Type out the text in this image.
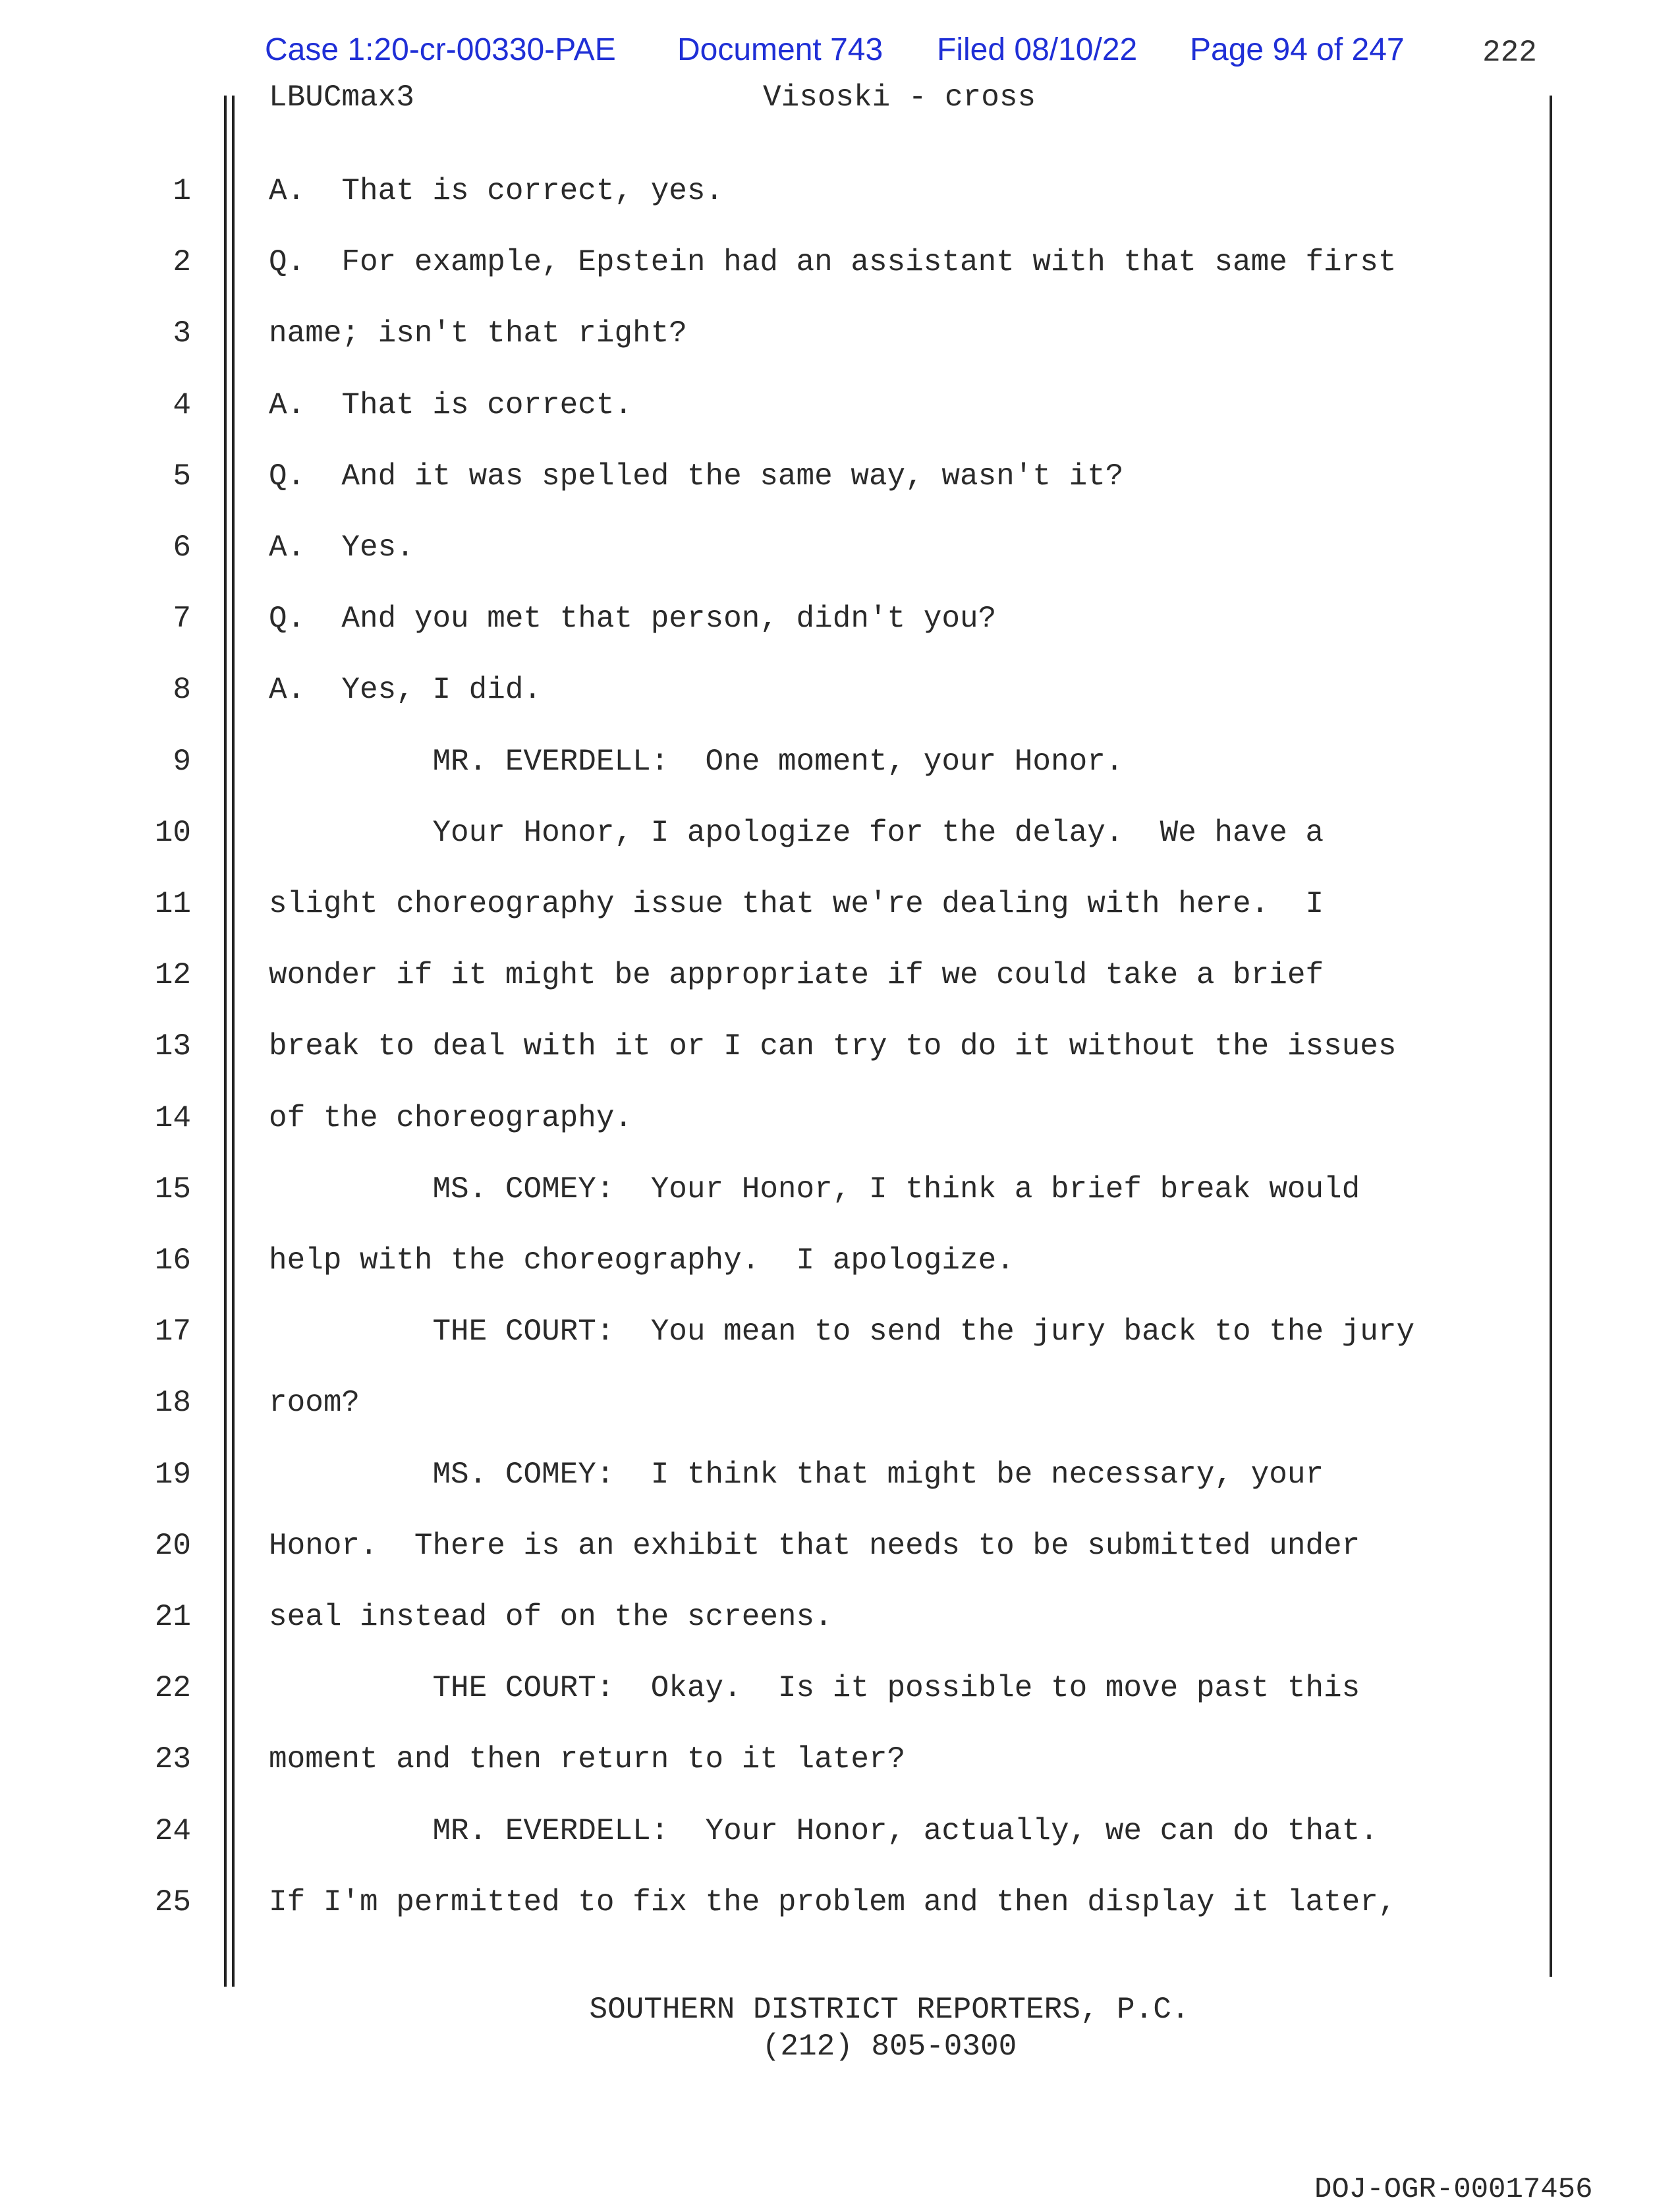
Case 1:20-cr-00330-PAE Document 743 Filed 08/10/22 Page 94 of 247	222
LBUCmax3	Visoski - cross
1	A.  That is correct, yes.
2	Q.  For example, Epstein had an assistant with that same first
3	name; isn't that right?
4	A.  That is correct.
5	Q.  And it was spelled the same way, wasn't it?
6	A.  Yes.
7	Q.  And you met that person, didn't you?
8	A.  Yes, I did.
9	MR. EVERDELL:  One moment, your Honor.
10	Your Honor, I apologize for the delay.  We have a
11	slight choreography issue that we're dealing with here.  I
12	wonder if it might be appropriate if we could take a brief
13	break to deal with it or I can try to do it without the issues
14	of the choreography.
15	MS. COMEY:  Your Honor, I think a brief break would
16	help with the choreography.  I apologize.
17	THE COURT:  You mean to send the jury back to the jury
18	room?
19	MS. COMEY:  I think that might be necessary, your
20	Honor.  There is an exhibit that needs to be submitted under
21	seal instead of on the screens.
22	THE COURT:  Okay.  Is it possible to move past this
23	moment and then return to it later?
24	MR. EVERDELL:  Your Honor, actually, we can do that.
25	If I'm permitted to fix the problem and then display it later,
SOUTHERN DISTRICT REPORTERS, P.C.
(212) 805-0300
DOJ-OGR-00017456
